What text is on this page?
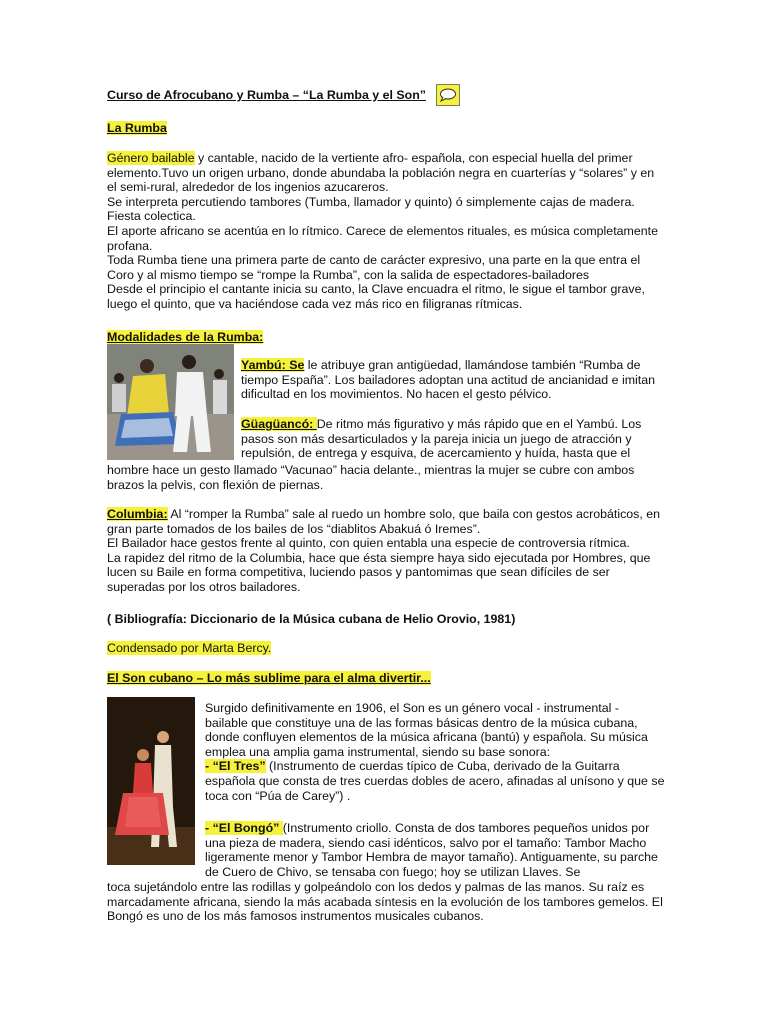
Curso de Afrocubano y Rumba – “La Rumba y el Son”
La Rumba

Género bailable y cantable, nacido de la vertiente afro- española, con especial huella del primer elemento.Tuvo un origen urbano, donde abundaba la población negra en cuarterías y “solares” y en el semi-rural, alrededor de los ingenios azucareros.

Se interpreta percutiendo tambores (Tumba, llamador y quinto) ó simplemente cajas de madera. Fiesta colectica.

El aporte africano se acentúa en lo rítmico. Carece de elementos rituales, es música completamente profana.

Toda Rumba tiene una primera parte de canto de carácter expresivo, una parte en la que entra el Coro y al mismo tiempo se “rompe la Rumba”, con la salida de espectadores-bailadores

Desde el principio el cantante inicia su canto, la Clave encuadra el ritmo, le sigue el tambor grave, luego el quinto, que va haciéndose cada vez más rico en filigranas rítmicas.

Modalidades de la Rumba:

Yambú: Se le atribuye gran antigüedad, llamándose también “Rumba de tiempo España”. Los bailadores adoptan una actitud de ancianidad e imitan dificultad en los movimientos. No hacen el gesto pélvico.

Güagüancó: De ritmo más figurativo y más rápido que en el Yambú. Los pasos son más desarticulados y la pareja inicia un juego de atracción y repulsión, de entrega y esquiva, de acercamiento y huída, hasta que el

hombre hace un gesto llamado “Vacunao” hacia delante., mientras la mujer se cubre con ambos brazos la pelvis, con flexión de piernas.

Columbia: Al “romper la Rumba” sale al ruedo un hombre solo, que baila con gestos acrobáticos, en gran parte tomados de los bailes de los “diablitos Abakuá ó Iremes”.

El Bailador hace gestos frente al quinto, con quien entabla una especie de controversia rítmica.

La rapidez del ritmo de la Columbia, hace que ésta siempre haya sido ejecutada por Hombres, que lucen su Baile en forma competitiva, luciendo pasos y pantomimas que sean difíciles de ser superadas por los otros bailadores.

( Bibliografía: Diccionario de la Música cubana de Helio Orovio, 1981)

Condensado por Marta Bercy.
El Son cubano – Lo más sublime para el alma divertir...

Surgido definitivamente en 1906, el Son es un género vocal - instrumental - bailable que constituye una de las formas básicas dentro de la música cubana, donde confluyen elementos de la música africana (bantú) y española. Su música emplea una amplia gama instrumental, siendo su base sonora:

- “El Tres” (Instrumento de cuerdas típico de Cuba, derivado de la Guitarra española que consta de tres cuerdas dobles de acero, afinadas al unísono y que se toca con “Púa de Carey”) .

- “El Bongó” (Instrumento criollo. Consta de dos tambores pequeños unidos por una pieza de madera, siendo casi idénticos, salvo por el tamaño: Tambor Macho ligeramente menor y Tambor Hembra de mayor tamaño). Antiguamente, su parche de Cuero de Chivo, se tensaba con fuego; hoy se utilizan Llaves. Se

toca sujetándolo entre las rodillas y golpeándolo con los dedos y palmas de las manos. Su raíz es marcadamente africana, siendo la más acabada síntesis en la evolución de los tambores gemelos. El Bongó es uno de los más famosos instrumentos musicales cubanos.
